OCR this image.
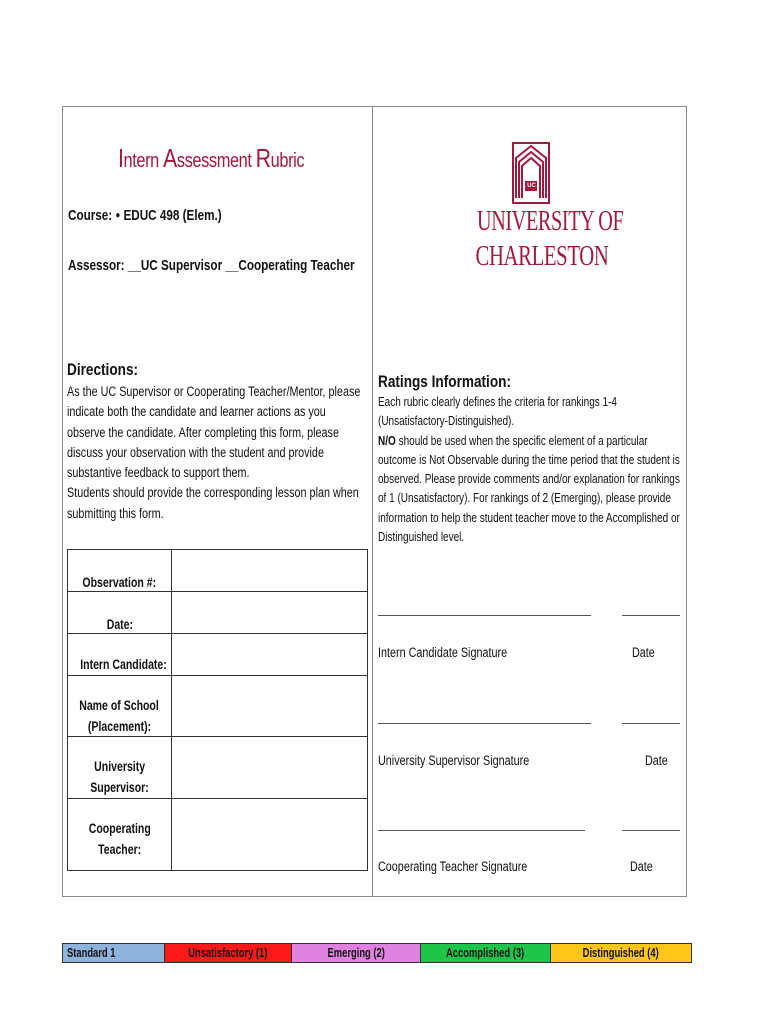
Intern Assessment Rubric
Course: ● EDUC 498 (Elem.)
Assessor: __UC Supervisor __Cooperating Teacher
UC
UNIVERSITY OF
CHARLESTON
Directions:
As the UC Supervisor or Cooperating Teacher/Mentor, please indicate both the candidate and learner actions as you observe the candidate. After completing this form, please discuss your observation with the student and provide substantive feedback to support them.
Students should provide the corresponding lesson plan when submitting this form.
Ratings Information:
Each rubric clearly defines the criteria for rankings 1-4 (Unsatisfactory-Distinguished).
N/O should be used when the specific element of a particular outcome is Not Observable during the time period that the student is observed. Please provide comments and/or explanation for rankings of 1 (Unsatisfactory). For rankings of 2 (Emerging), please provide information to help the student teacher move to the Accomplished or Distinguished level.
Observation #:
Date:
Intern Candidate:
Name of School
(Placement):
University
Supervisor:
Cooperating
Teacher:
Intern Candidate Signature	Date
University Supervisor Signature	Date
Cooperating Teacher Signature	Date
Standard 1	Unsatisfactory (1)	Emerging (2)	Accomplished (3)	Distinguished (4)
